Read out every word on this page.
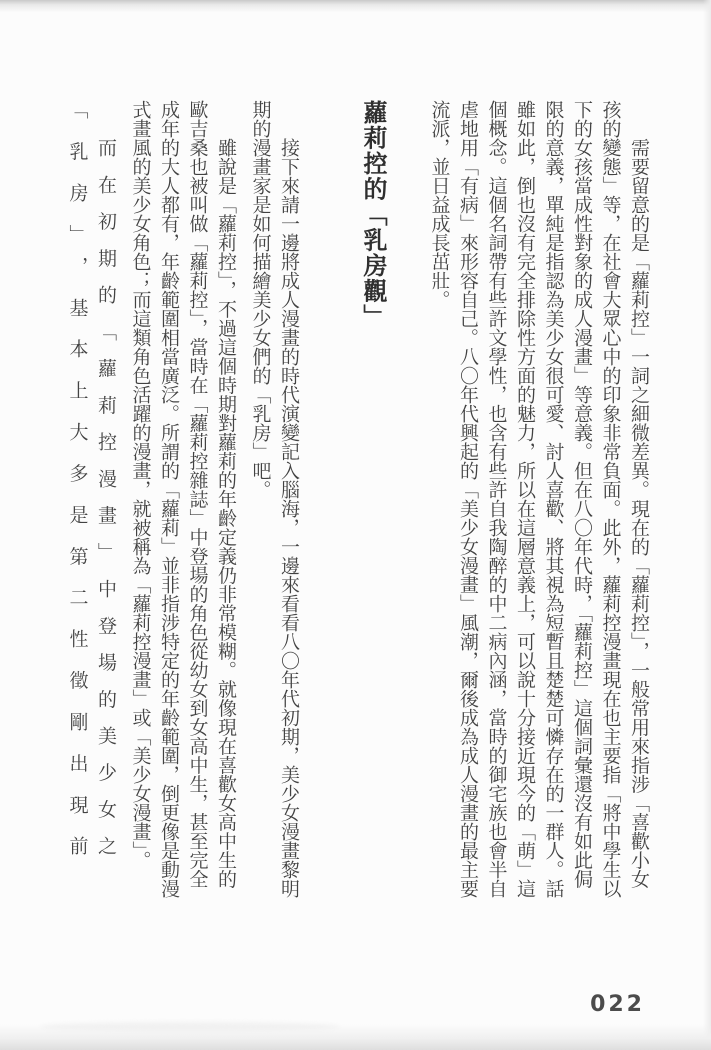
需要留意的是「蘿莉控」一詞之細微差異。現在的「蘿莉控」，一般常用來指涉「喜歡小女孩的變態」等，在社會大眾心中的印象非常負面。此外，蘿莉控漫畫現在也主要指「將中學生以下的女孩當成性對象的成人漫畫」等意義。但在八〇年代時，「蘿莉控」這個詞彙還沒有如此侷限的意義，單純是指認為美少女很可愛、討人喜歡、將其視為短暫且楚楚可憐存在的一群人。話雖如此，倒也沒有完全排除性方面的魅力，所以在這層意義上，可以說十分接近現今的「萌」這個概念。這個名詞帶有些許文學性，也含有些許自我陶醉的中二病內涵，當時的御宅族也會半自虐地用「有病」來形容自己。八〇年代興起的「美少女漫畫」風潮，爾後成為成人漫畫的最主要流派，並日益成長茁壯。

蘿莉控的「乳房觀」

接下來請一邊將成人漫畫的時代演變記入腦海，一邊來看看八〇年代初期，美少女漫畫黎明期的漫畫家是如何描繪美少女們的「乳房」吧。

雖說是「蘿莉控」，不過這個時期對蘿莉的年齡定義仍非常模糊。就像現在喜歡女高中生的歐吉桑也被叫做「蘿莉控」，當時在「蘿莉控雜誌」中登場的角色從幼女到女高中生，甚至完全成年的大人都有，年齡範圍相當廣泛。所謂的「蘿莉」並非指涉特定的年齡範圍，倒更像是動漫式畫風的美少女角色；而這類角色活躍的漫畫，就被稱為「蘿莉控漫畫」或「美少女漫畫」。

而在初期的「蘿莉控漫畫」中登場的美少女之「乳房」，基本上大多是第二性徵剛出現前

022
